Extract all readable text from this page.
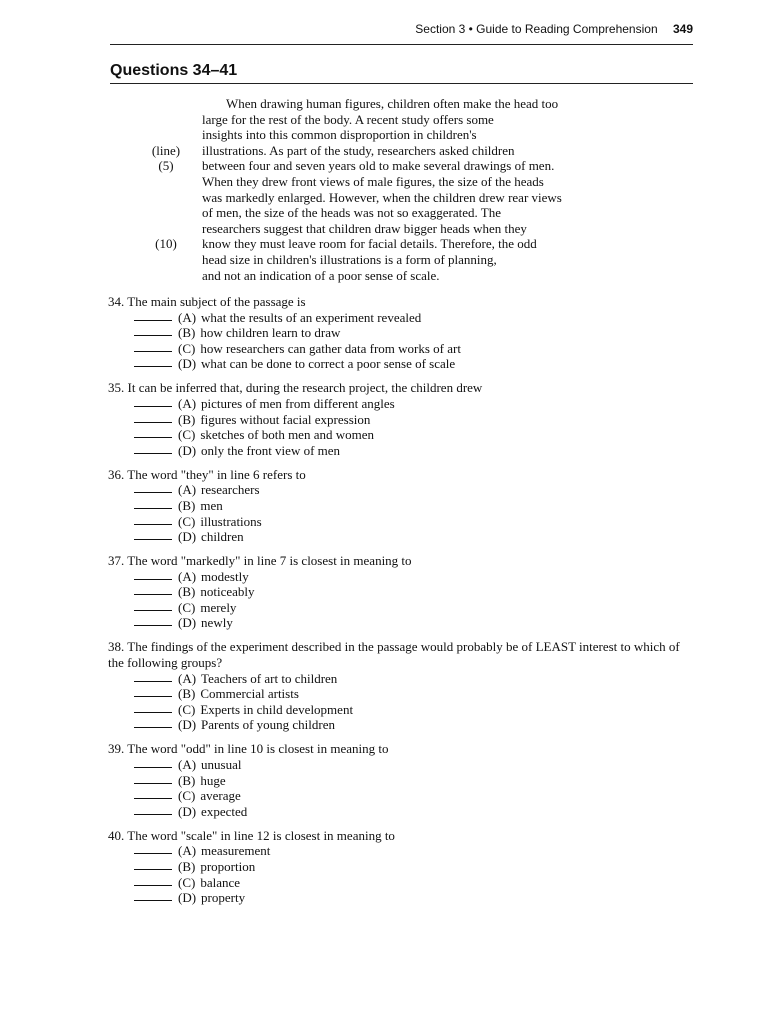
Section 3 • Guide to Reading Comprehension 349
Questions 34–41
When drawing human figures, children often make the head too
large for the rest of the body. A recent study offers some
insights into this common disproportion in children's
(line)	illustrations. As part of the study, researchers asked children
(5)	between four and seven years old to make several drawings of men.
When they drew front views of male figures, the size of the heads
was markedly enlarged. However, when the children drew rear views
of men, the size of the heads was not so exaggerated. The
researchers suggest that children draw bigger heads when they
(10)	know they must leave room for facial details. Therefore, the odd
head size in children's illustrations is a form of planning,
and not an indication of a poor sense of scale.
34. The main subject of the passage is
(A) what the results of an experiment revealed
(B) how children learn to draw
(C) how researchers can gather data from works of art
(D) what can be done to correct a poor sense of scale
35. It can be inferred that, during the research project, the children drew
(A) pictures of men from different angles
(B) figures without facial expression
(C) sketches of both men and women
(D) only the front view of men
36. The word "they" in line 6 refers to
(A) researchers
(B) men
(C) illustrations
(D) children
37. The word "markedly" in line 7 is closest in meaning to
(A) modestly
(B) noticeably
(C) merely
(D) newly
38. The findings of the experiment described in the passage would probably be of LEAST interest to which of the following groups?
(A) Teachers of art to children
(B) Commercial artists
(C) Experts in child development
(D) Parents of young children
39. The word "odd" in line 10 is closest in meaning to
(A) unusual
(B) huge
(C) average
(D) expected
40. The word "scale" in line 12 is closest in meaning to
(A) measurement
(B) proportion
(C) balance
(D) property
